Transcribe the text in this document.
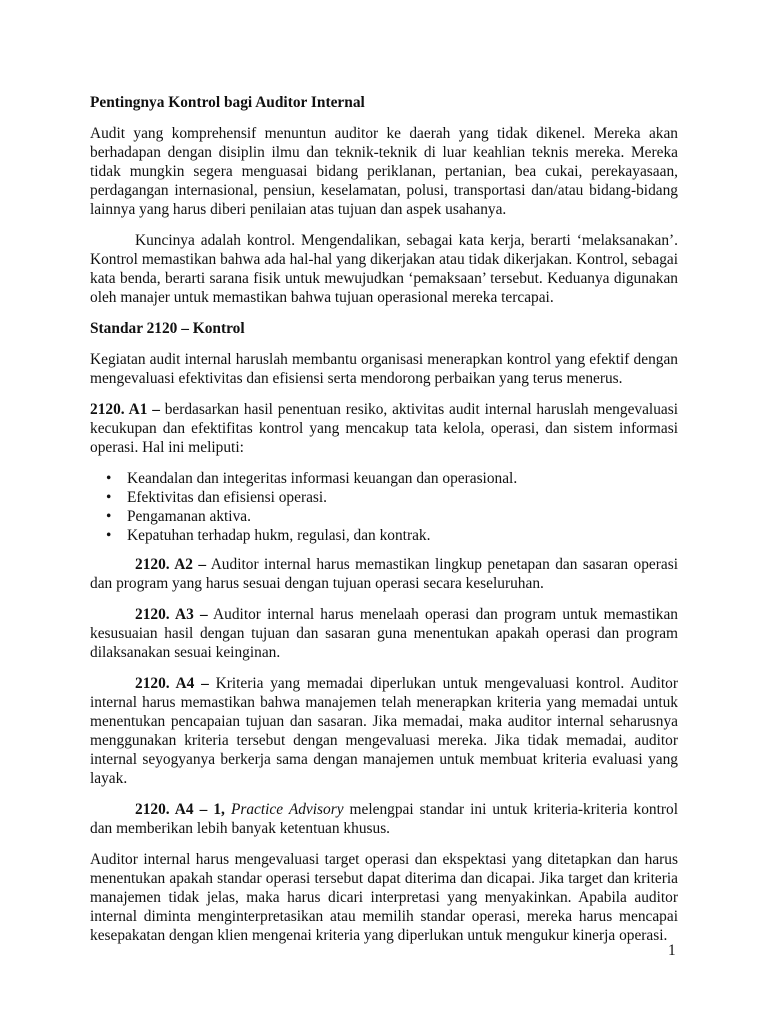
Pentingnya Kontrol bagi Auditor Internal

Audit yang komprehensif menuntun auditor ke daerah yang tidak dikenel. Mereka akan berhadapan dengan disiplin ilmu dan teknik-teknik di luar keahlian teknis mereka. Mereka tidak mungkin segera menguasai bidang periklanan, pertanian, bea cukai, perekayasaan, perdagangan internasional, pensiun, keselamatan, polusi, transportasi dan/atau bidang-bidang lainnya yang harus diberi penilaian atas tujuan dan aspek usahanya.

Kuncinya adalah kontrol. Mengendalikan, sebagai kata kerja, berarti ‘melaksanakan’. Kontrol memastikan bahwa ada hal-hal yang dikerjakan atau tidak dikerjakan. Kontrol, sebagai kata benda, berarti sarana fisik untuk mewujudkan ‘pemaksaan’ tersebut. Keduanya digunakan oleh manajer untuk memastikan bahwa tujuan operasional mereka tercapai.

Standar 2120 – Kontrol

Kegiatan audit internal haruslah membantu organisasi menerapkan kontrol yang efektif dengan mengevaluasi efektivitas dan efisiensi serta mendorong perbaikan yang terus menerus.

2120. A1 – berdasarkan hasil penentuan resiko, aktivitas audit internal haruslah mengevaluasi kecukupan dan efektifitas kontrol yang mencakup tata kelola, operasi, dan sistem informasi operasi. Hal ini meliputi:

• Keandalan dan integeritas informasi keuangan dan operasional.
• Efektivitas dan efisiensi operasi.
• Pengamanan aktiva.
• Kepatuhan terhadap hukm, regulasi, dan kontrak.

2120. A2 – Auditor internal harus memastikan lingkup penetapan dan sasaran operasi dan program yang harus sesuai dengan tujuan operasi secara keseluruhan.

2120. A3 – Auditor internal harus menelaah operasi dan program untuk memastikan kesusuaian hasil dengan tujuan dan sasaran guna menentukan apakah operasi dan program dilaksanakan sesuai keinginan.

2120. A4 – Kriteria yang memadai diperlukan untuk mengevaluasi kontrol. Auditor internal harus memastikan bahwa manajemen telah menerapkan kriteria yang memadai untuk menentukan pencapaian tujuan dan sasaran. Jika memadai, maka auditor internal seharusnya menggunakan kriteria tersebut dengan mengevaluasi mereka. Jika tidak memadai, auditor internal seyogyanya berkerja sama dengan manajemen untuk membuat kriteria evaluasi yang layak.

2120. A4 – 1, Practice Advisory melengpai standar ini untuk kriteria-kriteria kontrol dan memberikan lebih banyak ketentuan khusus.

Auditor internal harus mengevaluasi target operasi dan ekspektasi yang ditetapkan dan harus menentukan apakah standar operasi tersebut dapat diterima dan dicapai. Jika target dan kriteria manajemen tidak jelas, maka harus dicari interpretasi yang menyakinkan. Apabila auditor internal diminta menginterpretasikan atau memilih standar operasi, mereka harus mencapai kesepakatan dengan klien mengenai kriteria yang diperlukan untuk mengukur kinerja operasi.

1
